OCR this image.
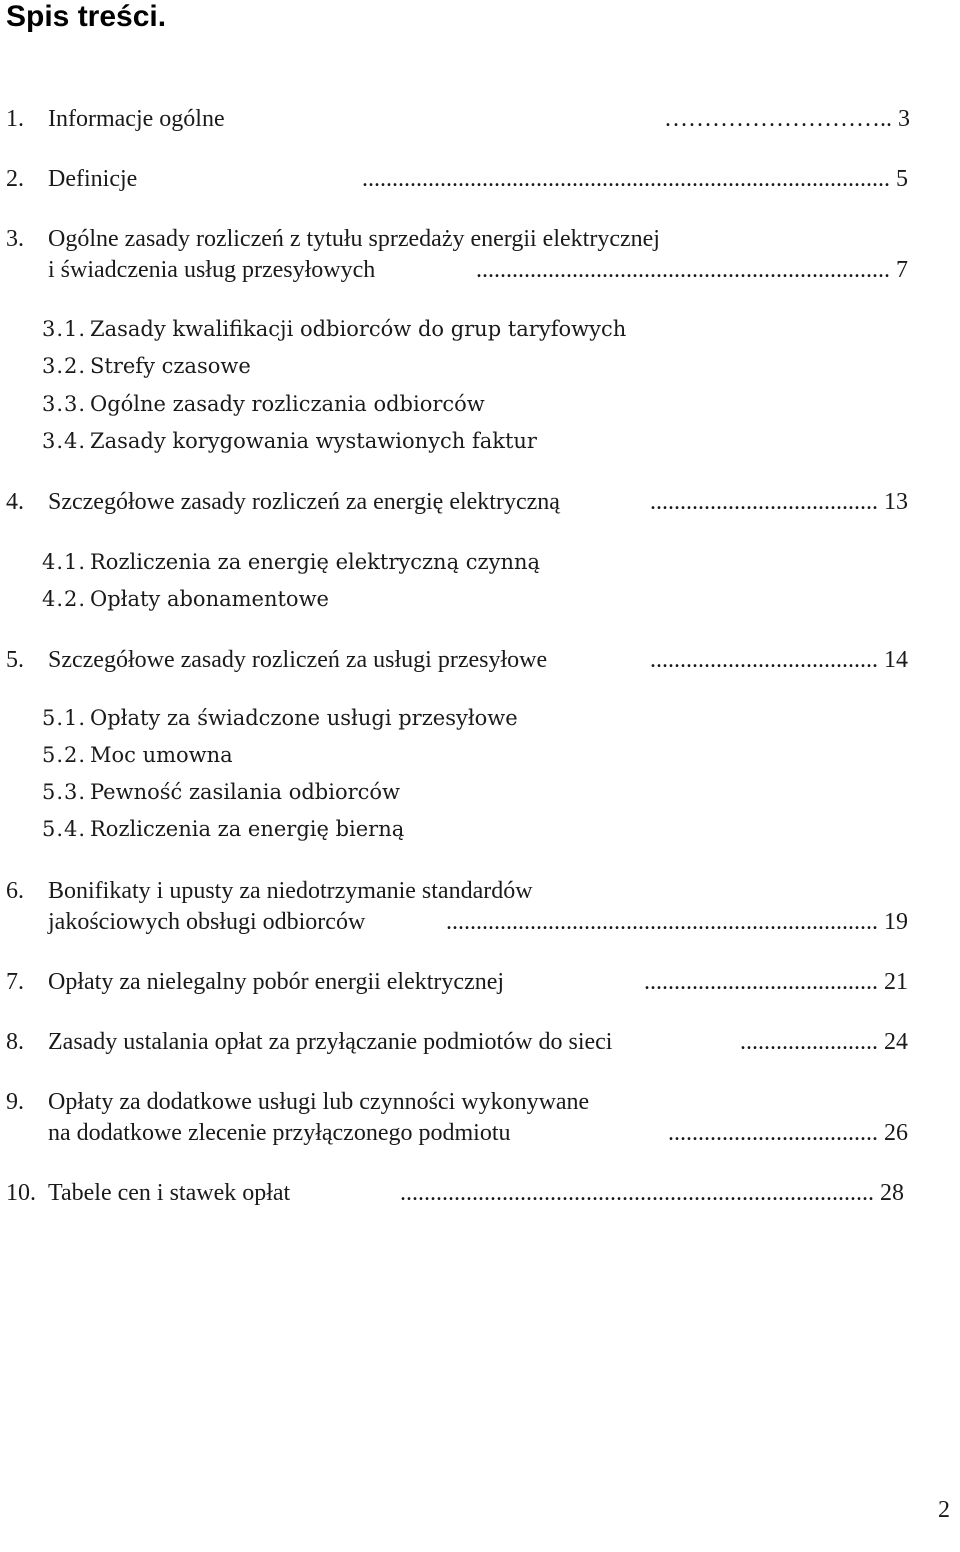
Spis treści.
1. Informacje ogólne	……………………….. 3
2. Definicje	........................................................................................ 5
3. Ogólne zasady rozliczeń z tytułu sprzedaży energii elektrycznej
i świadczenia usług przesyłowych	..................................................................... 7
3.1. Zasady kwalifikacji odbiorców do grup taryfowych
3.2. Strefy czasowe
3.3. Ogólne zasady rozliczania odbiorców
3.4. Zasady korygowania wystawionych faktur
4. Szczegółowe zasady rozliczeń za energię elektryczną	...................................... 13
4.1. Rozliczenia za energię elektryczną czynną
4.2. Opłaty abonamentowe
5. Szczegółowe zasady rozliczeń za usługi przesyłowe	...................................... 14
5.1. Opłaty za świadczone usługi przesyłowe
5.2. Moc umowna
5.3. Pewność zasilania odbiorców
5.4. Rozliczenia za energię bierną
6. Bonifikaty i upusty za niedotrzymanie standardów
jakościowych obsługi odbiorców	........................................................................ 19
7. Opłaty za nielegalny pobór energii elektrycznej	....................................... 21
8. Zasady ustalania opłat za przyłączanie podmiotów do sieci	....................... 24
9. Opłaty za dodatkowe usługi lub czynności wykonywane
na dodatkowe zlecenie przyłączonego podmiotu	................................... 26
10. Tabele cen i stawek opłat	............................................................................... 28
2
